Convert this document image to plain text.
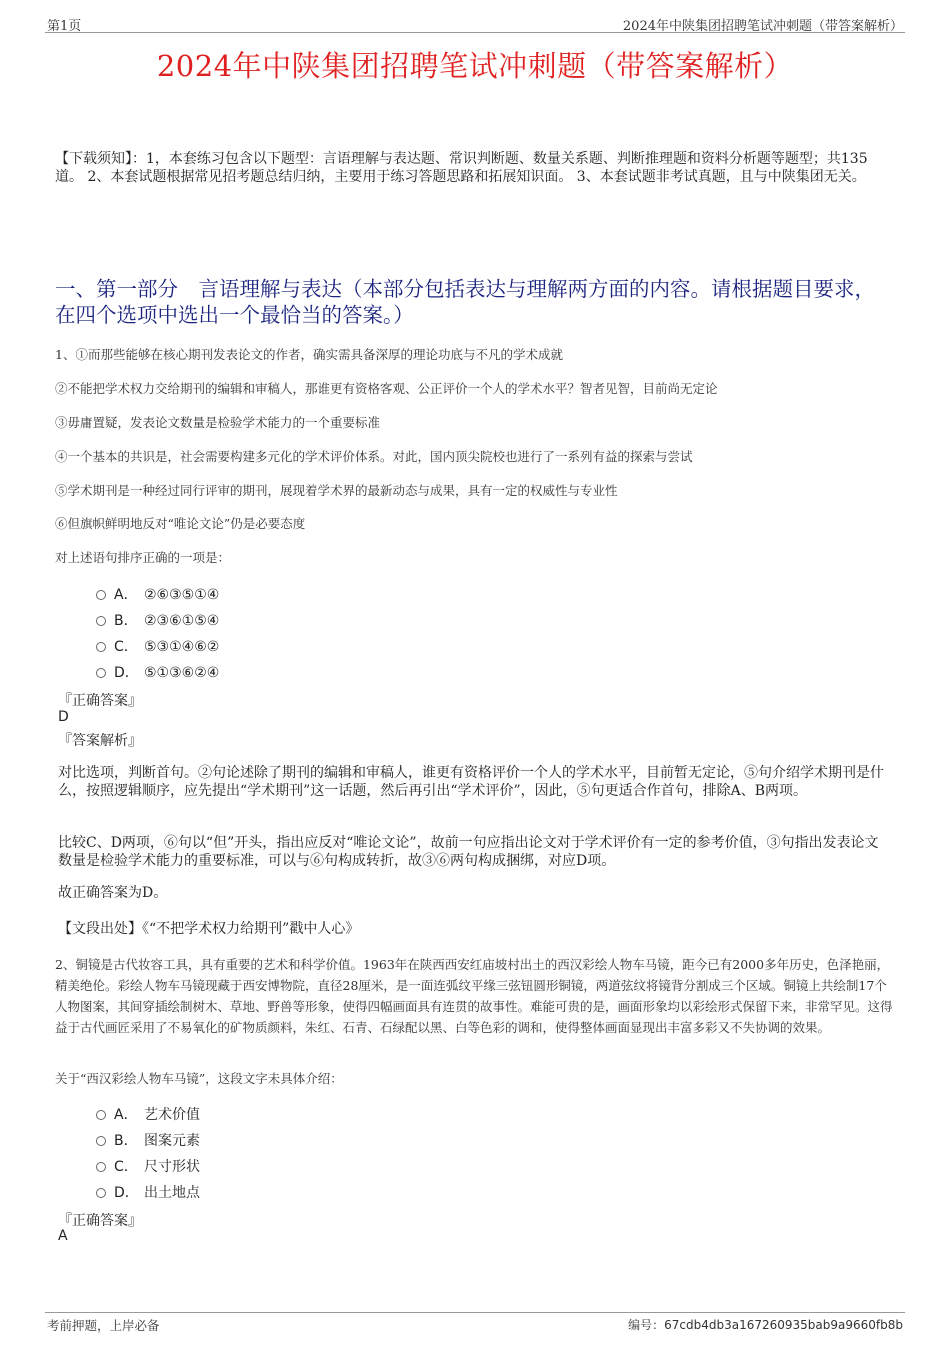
第1页	2024年中陕集团招聘笔试冲刺题（带答案解析）
2024年中陕集团招聘笔试冲刺题（带答案解析）
【下载须知】：1，本套练习包含以下题型：言语理解与表达题、常识判断题、数量关系题、判断推理题和资料分析题等题型；共135道。 2、本套试题根据常见招考题总结归纳，主要用于练习答题思路和拓展知识面。 3、本套试题非考试真题，且与中陕集团无关。
一、第一部分　言语理解与表达（本部分包括表达与理解两方面的内容。请根据题目要求，在四个选项中选出一个最恰当的答案。）
1、①而那些能够在核心期刊发表论文的作者，确实需具备深厚的理论功底与不凡的学术成就
②不能把学术权力交给期刊的编辑和审稿人，那谁更有资格客观、公正评价一个人的学术水平？智者见智，目前尚无定论
③毋庸置疑，发表论文数量是检验学术能力的一个重要标准
④一个基本的共识是，社会需要构建多元化的学术评价体系。对此，国内顶尖院校也进行了一系列有益的探索与尝试
⑤学术期刊是一种经过同行评审的期刊，展现着学术界的最新动态与成果，具有一定的权威性与专业性
⑥但旗帜鲜明地反对“唯论文论”仍是必要态度
对上述语句排序正确的一项是：
A． ②⑥③⑤①④
B． ②③⑥①⑤④
C． ⑤③①④⑥②
D． ⑤①③⑥②④
『正确答案』
D
『答案解析』
对比选项，判断首句。②句论述除了期刊的编辑和审稿人，谁更有资格评价一个人的学术水平，目前暂无定论，⑤句介绍学术期刊是什么，按照逻辑顺序，应先提出“学术期刊”这一话题，然后再引出“学术评价”，因此，⑤句更适合作首句，排除A、B两项。
比较C、D两项，⑥句以“但”开头，指出应反对“唯论文论”，故前一句应指出论文对于学术评价有一定的参考价值，③句指出发表论文数量是检验学术能力的重要标准，可以与⑥句构成转折，故③⑥两句构成捆绑，对应D项。
故正确答案为D。
【文段出处】《“不把学术权力给期刊”戳中人心》
2、铜镜是古代妆容工具，具有重要的艺术和科学价值。1963年在陕西西安红庙坡村出土的西汉彩绘人物车马镜，距今已有2000多年历史，色泽艳丽，精美绝伦。彩绘人物车马镜现藏于西安博物院，直径28厘米，是一面连弧纹平缘三弦钮圆形铜镜，两道弦纹将镜背分割成三个区域。铜镜上共绘制17个人物图案，其间穿插绘制树木、草地、野兽等形象，使得四幅画面具有连贯的故事性。难能可贵的是，画面形象均以彩绘形式保留下来，非常罕见。这得益于古代画匠采用了不易氧化的矿物质颜料，朱红、石青、石绿配以黑、白等色彩的调和，使得整体画面显现出丰富多彩又不失协调的效果。
关于“西汉彩绘人物车马镜”，这段文字未具体介绍：
A． 艺术价值
B． 图案元素
C． 尺寸形状
D． 出土地点
『正确答案』
A
考前押题，上岸必备	编号：67cdb4db3a167260935bab9a9660fb8b
